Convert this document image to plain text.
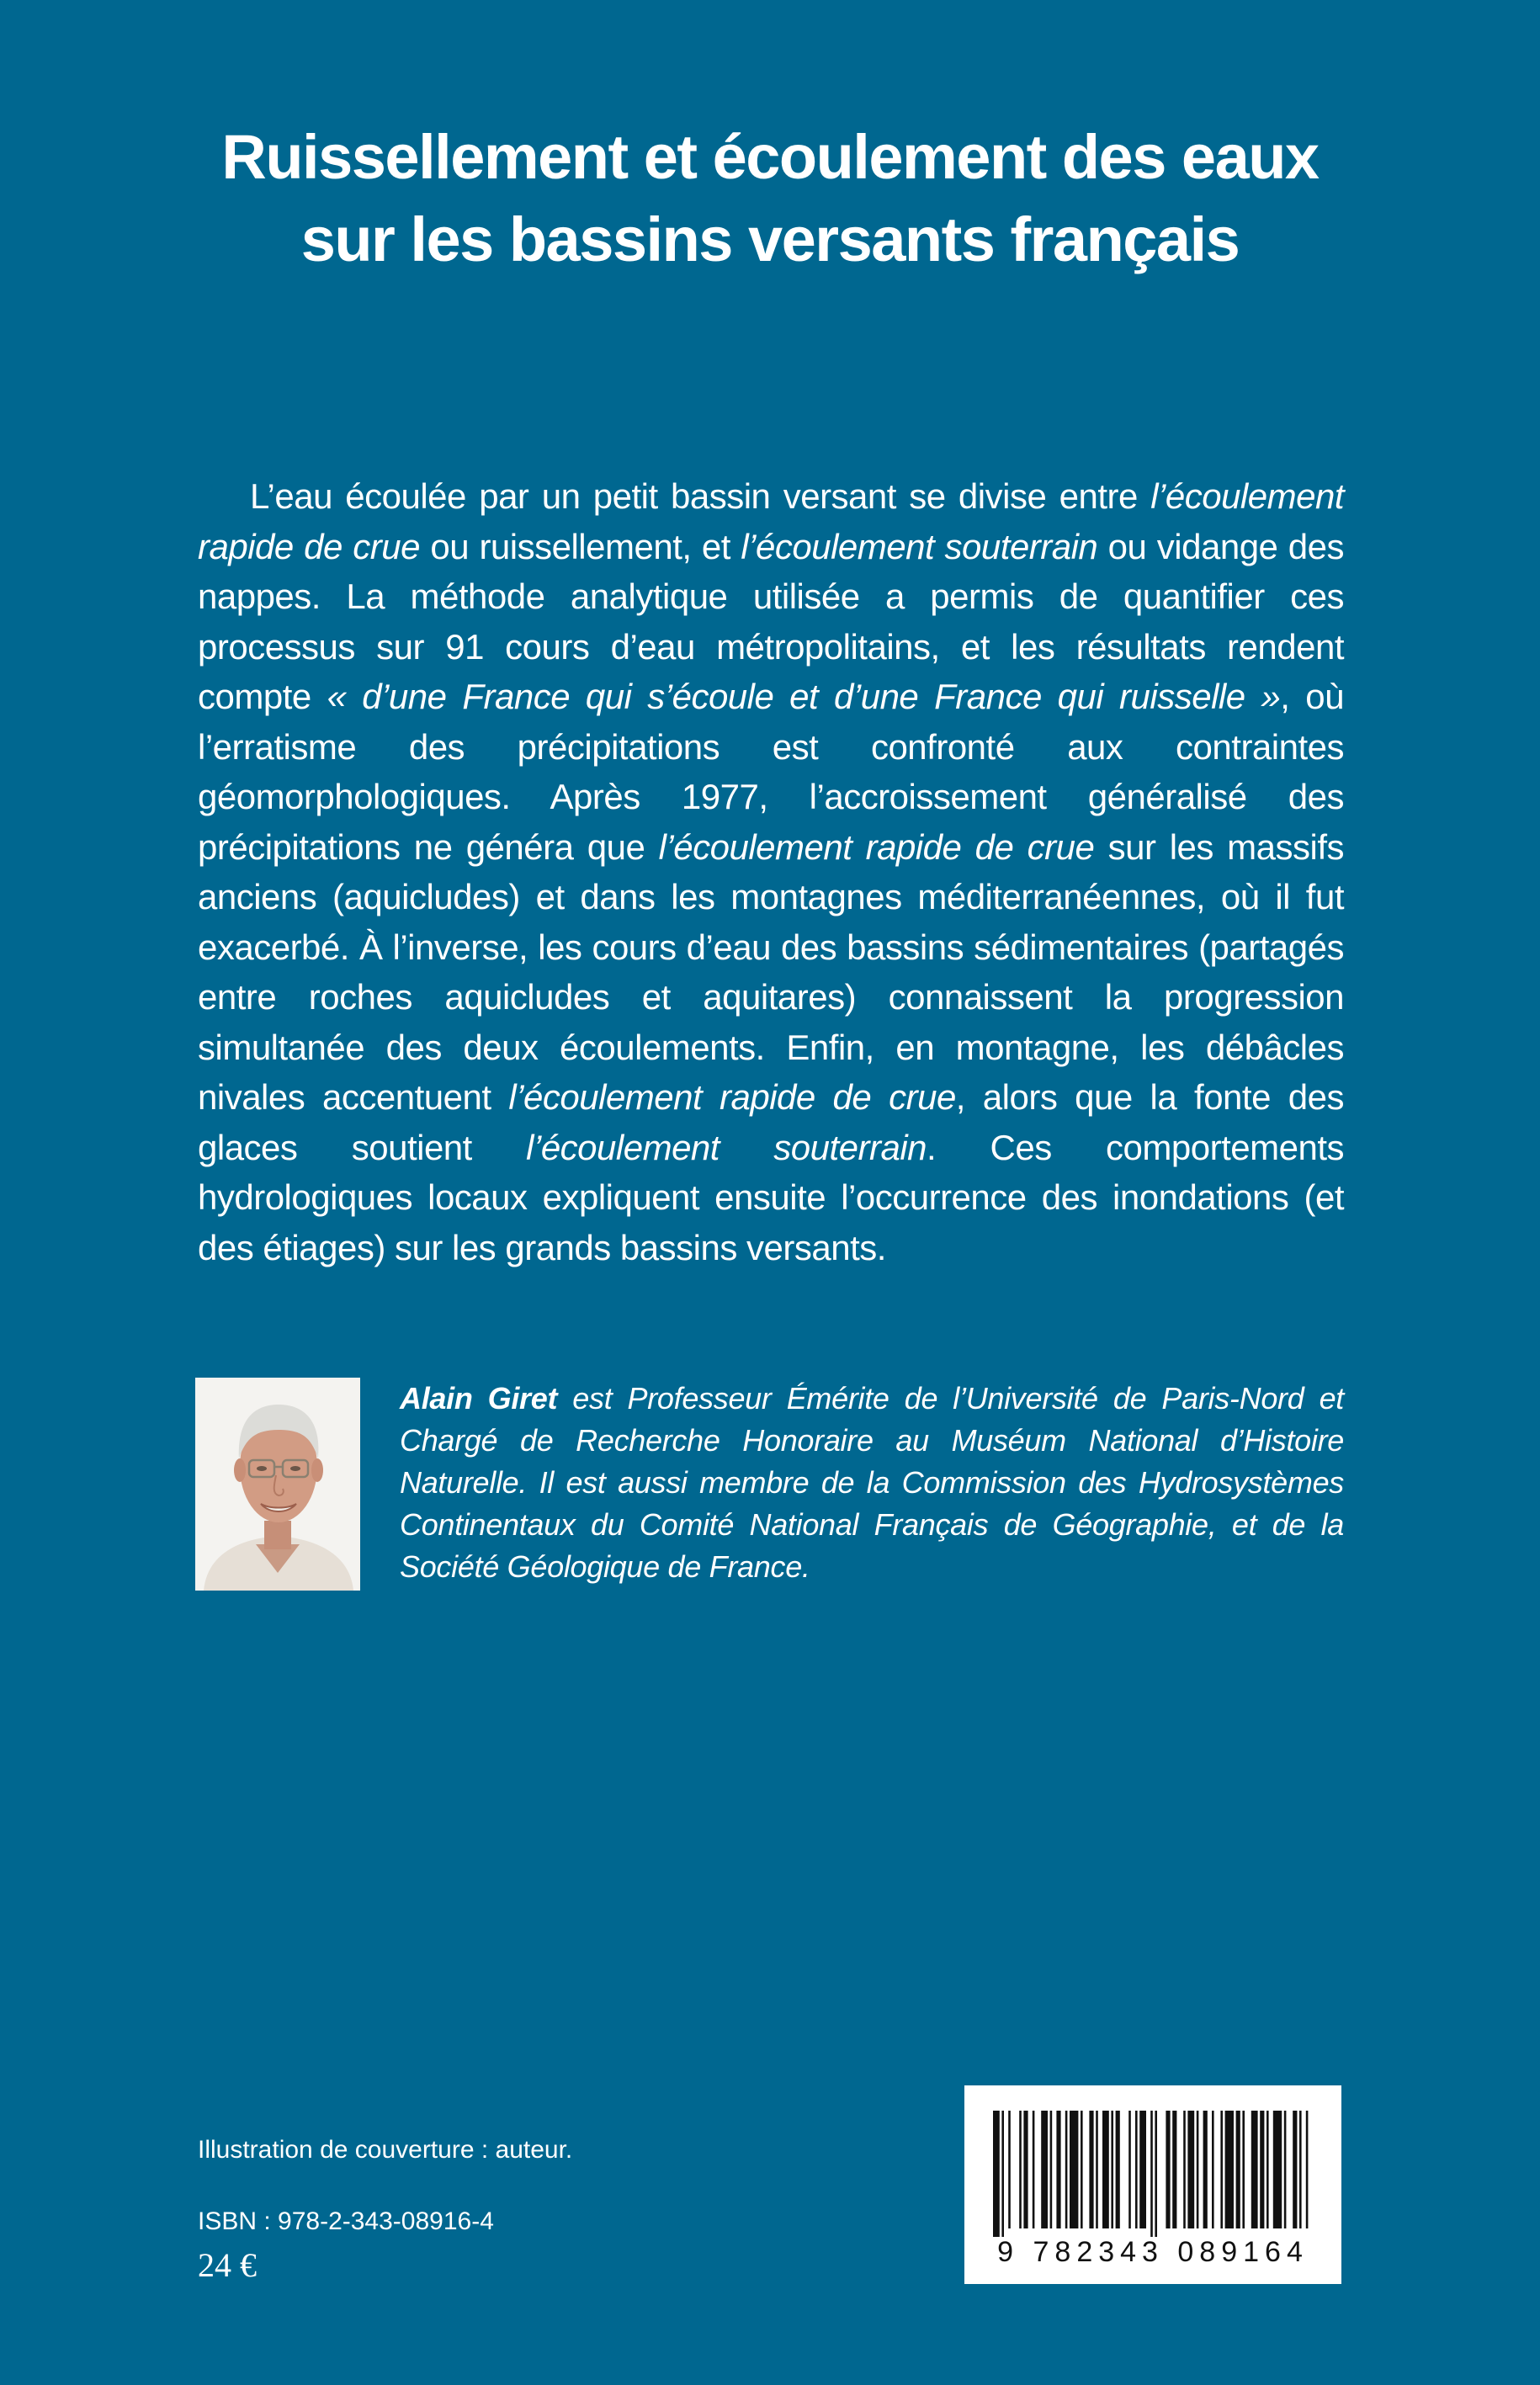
Ruissellement et écoulement des eaux
sur les bassins versants français

L’eau écoulée par un petit bassin versant se divise entre l’écoulement rapide de crue ou ruissellement, et l’écoulement souterrain ou vidange des nappes. La méthode analytique utilisée a permis de quantifier ces processus sur 91 cours d’eau métropolitains, et les résultats rendent compte « d’une France qui s’écoule et d’une France qui ruisselle », où l’erratisme des précipitations est confronté aux contraintes géomorphologiques. Après 1977, l’accroissement généralisé des précipitations ne généra que l’écoulement rapide de crue sur les massifs anciens (aquicludes) et dans les montagnes méditerranéennes, où il fut exacerbé. À l’inverse, les cours d’eau des bassins sédimentaires (partagés entre roches aquicludes et aquitares) connaissent la progression simultanée des deux écoulements. Enfin, en montagne, les débâcles nivales accentuent l’écoulement rapide de crue, alors que la fonte des glaces soutient l’écoulement souterrain. Ces comportements hydrologiques locaux expliquent ensuite l’occurrence des inondations (et des étiages) sur les grands bassins versants.

Alain Giret est Professeur Émérite de l’Université de Paris-Nord et Chargé de Recherche Honoraire au Muséum National d’Histoire Naturelle. Il est aussi membre de la Commission des Hydrosystèmes Continentaux du Comité National Français de Géographie, et de la Société Géologique de France.
Illustration de couverture : auteur.
ISBN : 978-2-343-08916-4
24 €	9 782343 089164
